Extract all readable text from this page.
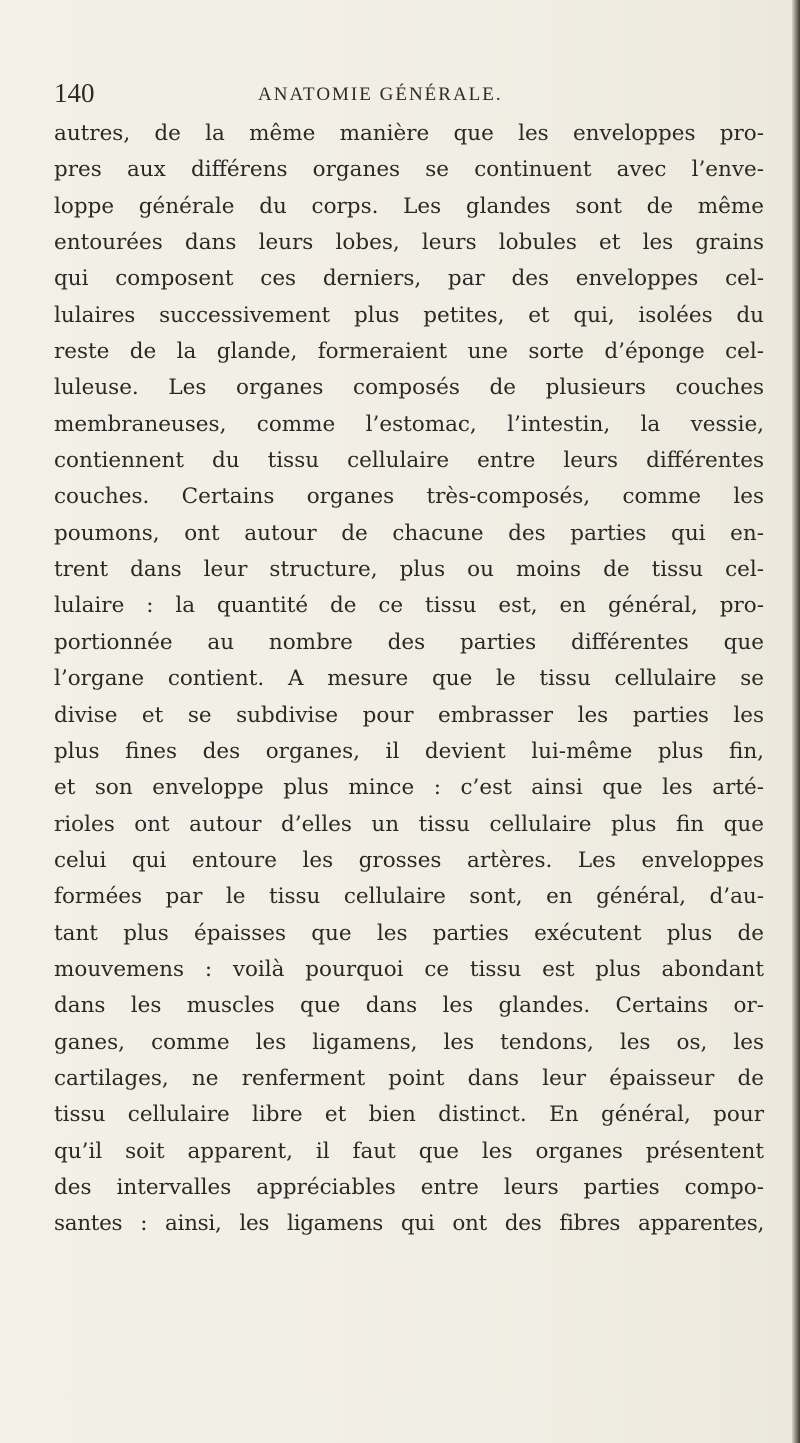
140	ANATOMIE GÉNÉRALE.
autres, de la même manière que les enveloppes pro-
pres aux différens organes se continuent avec l’enve-
loppe générale du corps. Les glandes sont de même
entourées dans leurs lobes, leurs lobules et les grains
qui composent ces derniers, par des enveloppes cel-
lulaires successivement plus petites, et qui, isolées du
reste de la glande, formeraient une sorte d’éponge cel-
luleuse. Les organes composés de plusieurs couches
membraneuses, comme l’estomac, l’intestin, la vessie,
contiennent du tissu cellulaire entre leurs différentes
couches. Certains organes très-composés, comme les
poumons, ont autour de chacune des parties qui en-
trent dans leur structure, plus ou moins de tissu cel-
lulaire : la quantité de ce tissu est, en général, pro-
portionnée au nombre des parties différentes que
l’organe contient. A mesure que le tissu cellulaire se
divise et se subdivise pour embrasser les parties les
plus fines des organes, il devient lui-même plus fin,
et son enveloppe plus mince : c’est ainsi que les arté-
rioles ont autour d’elles un tissu cellulaire plus fin que
celui qui entoure les grosses artères. Les enveloppes
formées par le tissu cellulaire sont, en général, d’au-
tant plus épaisses que les parties exécutent plus de
mouvemens : voilà pourquoi ce tissu est plus abondant
dans les muscles que dans les glandes. Certains or-
ganes, comme les ligamens, les tendons, les os, les
cartilages, ne renferment point dans leur épaisseur de
tissu cellulaire libre et bien distinct. En général, pour
qu’il soit apparent, il faut que les organes présentent
des intervalles appréciables entre leurs parties compo-
santes : ainsi, les ligamens qui ont des fibres apparentes,
